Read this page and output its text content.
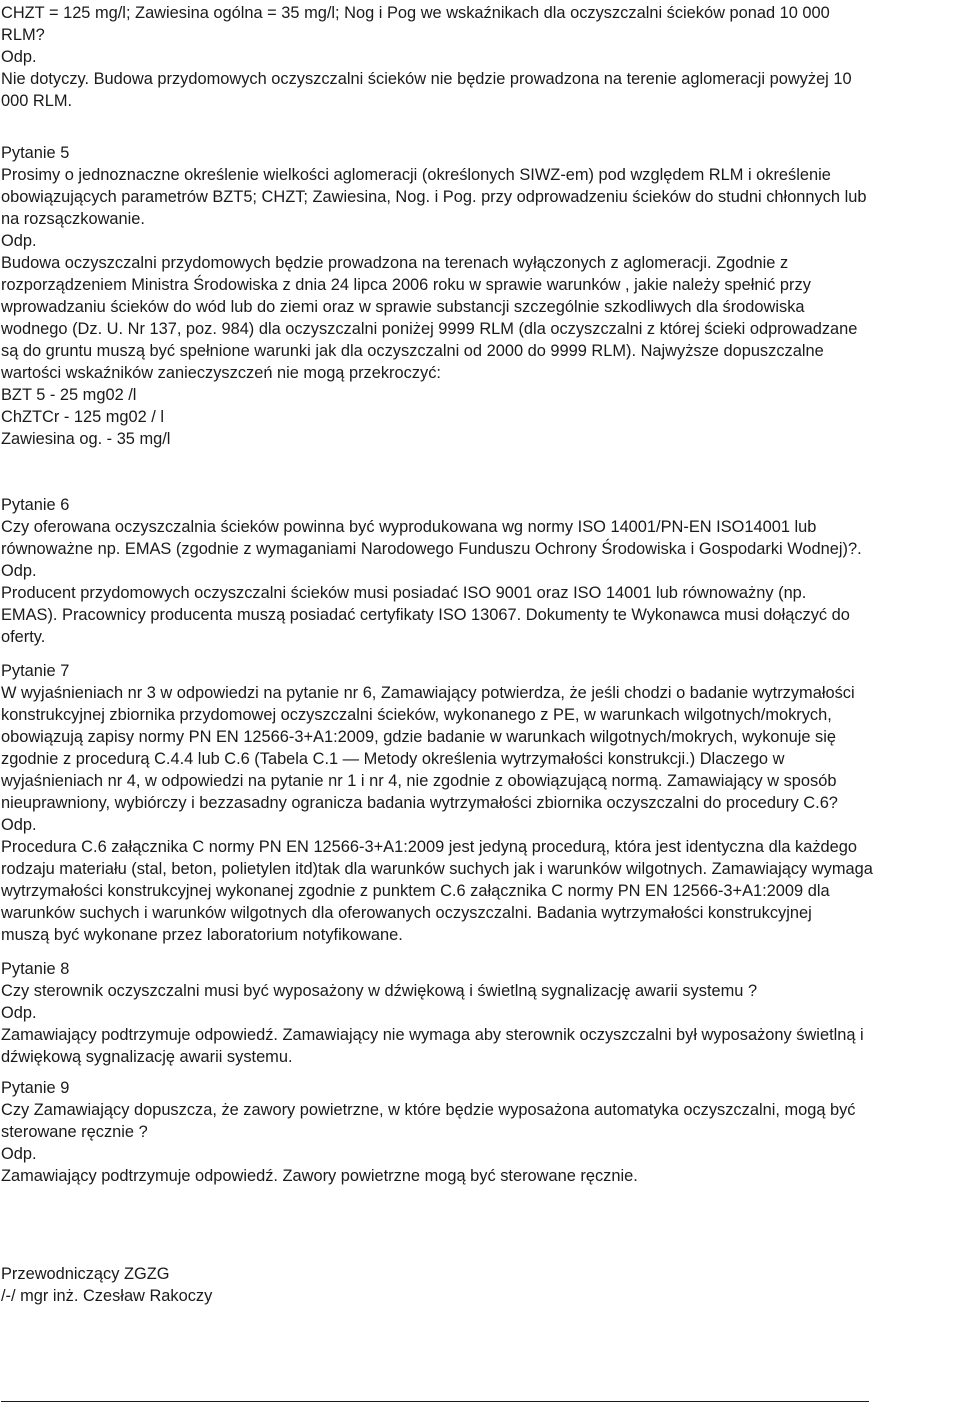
CHZT = 125 mg/l; Zawiesina ogólna = 35 mg/l; Nog i Pog we wskaźnikach dla oczyszczalni ścieków ponad 10 000
RLM?
Odp.
Nie dotyczy. Budowa przydomowych oczyszczalni ścieków nie będzie prowadzona na terenie aglomeracji powyżej 10
000 RLM.
Pytanie 5
Prosimy o jednoznaczne określenie wielkości aglomeracji (określonych SIWZ-em) pod względem RLM i określenie
obowiązujących parametrów BZT5; CHZT; Zawiesina, Nog. i Pog. przy odprowadzeniu ścieków do studni chłonnych lub
na rozsączkowanie.
Odp.
Budowa oczyszczalni przydomowych będzie prowadzona na terenach wyłączonych z aglomeracji. Zgodnie z
rozporządzeniem Ministra Środowiska z dnia 24 lipca 2006 roku w sprawie warunków , jakie należy spełnić przy
wprowadzaniu ścieków do wód lub do ziemi oraz w sprawie substancji szczególnie szkodliwych dla środowiska
wodnego (Dz. U. Nr 137, poz. 984) dla oczyszczalni poniżej 9999 RLM (dla oczyszczalni z której ścieki odprowadzane
są do gruntu muszą być spełnione warunki jak dla oczyszczalni od 2000 do 9999 RLM). Najwyższe dopuszczalne
wartości wskaźników zanieczyszczeń nie mogą przekroczyć:
BZT 5 - 25 mg02 /l
ChZTCr - 125 mg02 / l
Zawiesina og. - 35 mg/l
Pytanie 6
Czy oferowana oczyszczalnia ścieków powinna być wyprodukowana wg normy ISO 14001/PN-EN ISO14001 lub
równoważne np. EMAS (zgodnie z wymaganiami Narodowego Funduszu Ochrony Środowiska i Gospodarki Wodnej)?.
Odp.
Producent przydomowych oczyszczalni ścieków musi posiadać ISO 9001 oraz ISO 14001 lub równoważny (np.
EMAS). Pracownicy producenta muszą posiadać certyfikaty ISO 13067. Dokumenty te Wykonawca musi dołączyć do
oferty.
Pytanie 7
W wyjaśnieniach nr 3 w odpowiedzi na pytanie nr 6, Zamawiający potwierdza, że jeśli chodzi o badanie wytrzymałości
konstrukcyjnej zbiornika przydomowej oczyszczalni ścieków, wykonanego z PE, w warunkach wilgotnych/mokrych,
obowiązują zapisy normy PN EN 12566-3+A1:2009, gdzie badanie w warunkach wilgotnych/mokrych, wykonuje się
zgodnie z procedurą C.4.4 lub C.6 (Tabela C.1 — Metody określenia wytrzymałości konstrukcji.) Dlaczego w
wyjaśnieniach nr 4, w odpowiedzi na pytanie nr 1 i nr 4, nie zgodnie z obowiązującą normą. Zamawiający w sposób
nieuprawniony, wybiórczy i bezzasadny ogranicza badania wytrzymałości zbiornika oczyszczalni do procedury C.6?
Odp.
Procedura C.6 załącznika C normy PN EN 12566-3+A1:2009 jest jedyną procedurą, która jest identyczna dla każdego
rodzaju materiału (stal, beton, polietylen itd)tak dla warunków suchych jak i warunków wilgotnych. Zamawiający wymaga
wytrzymałości konstrukcyjnej wykonanej zgodnie z punktem C.6 załącznika C normy PN EN 12566-3+A1:2009 dla
warunków suchych i warunków wilgotnych dla oferowanych oczyszczalni. Badania wytrzymałości konstrukcyjnej
muszą być wykonane przez laboratorium notyfikowane.
Pytanie 8
Czy sterownik oczyszczalni musi być wyposażony w dźwiękową i świetlną sygnalizację awarii systemu ?
Odp.
Zamawiający podtrzymuje odpowiedź. Zamawiający nie wymaga aby sterownik oczyszczalni był wyposażony świetlną i
dźwiękową sygnalizację awarii systemu.
Pytanie 9
Czy Zamawiający dopuszcza, że zawory powietrzne, w które będzie wyposażona automatyka oczyszczalni, mogą być
sterowane ręcznie ?
Odp.
Zamawiający podtrzymuje odpowiedź. Zawory powietrzne mogą być sterowane ręcznie.
Przewodniczący ZGZG
/-/ mgr inż. Czesław Rakoczy
